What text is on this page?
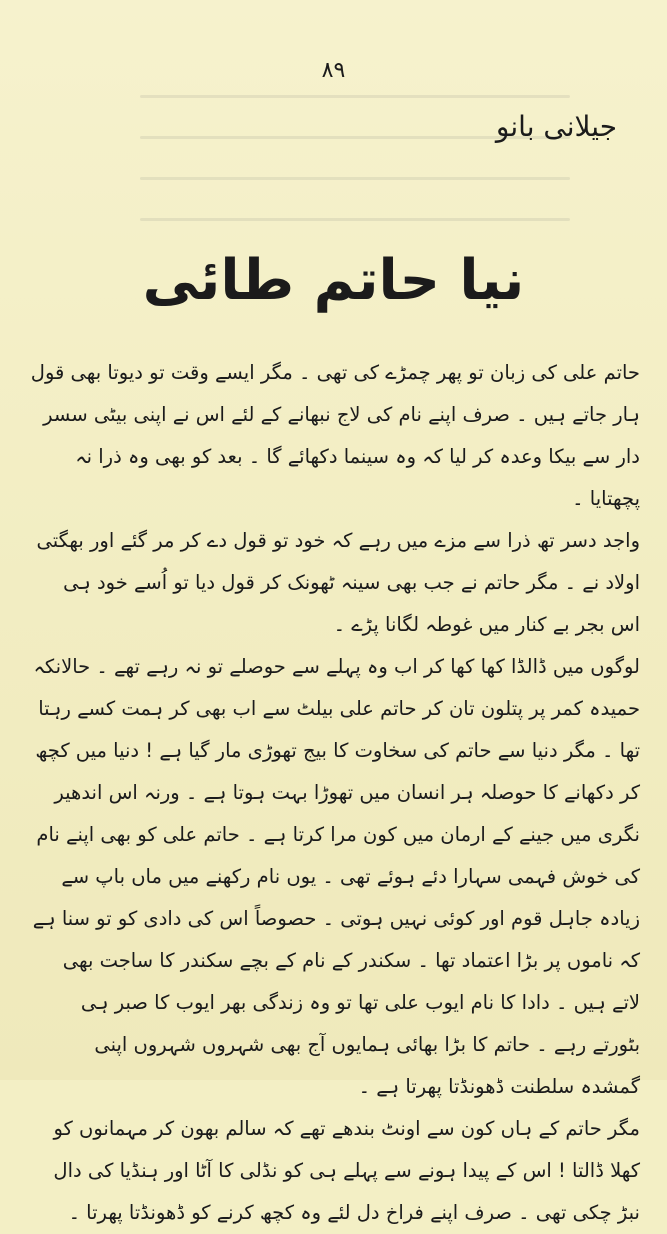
۸۹
جیلانی بانو
نیا حاتم طائی

حاتم علی کی زبان تو پھر چمڑے کی تھی ۔ مگر ایسے وقت تو دیوتا بھی قول ہار جاتے ہیں ۔ صرف اپنے نام کی لاج نبھانے کے لئے اس نے اپنی بیٹی سسر دار سے بیکا وعدہ کر لیا کہ وہ سینما دکھائے گا ۔ بعد کو بھی وہ ذرا نہ پچھتایا ۔

واجد دسر تھ ذرا سے مزے میں رہے کہ خود تو قول دے کر مر گئے اور بھگتی اولاد نے ۔ مگر حاتم نے جب بھی سینہ ٹھونک کر قول دیا تو اُسے خود ہی اس بجر بے کنار میں غوطہ لگانا پڑے ۔

لوگوں میں ڈالڈا کھا کھا کر اب وہ پہلے سے حوصلے تو نہ رہے تھے ۔ حالانکہ حمیدہ کمر پر پتلون تان کر حاتم علی بیلٹ سے اب بھی کر ہمت کسے رہتا تھا ۔ مگر دنیا سے حاتم کی سخاوت کا بیج تھوڑی مار گیا ہے ! دنیا میں کچھ کر دکھانے کا حوصلہ ہر انسان میں تھوڑا بہت ہوتا ہے ۔ ورنہ اس اندھیر نگری میں جینے کے ارمان میں کون مرا کرتا ہے ۔ حاتم علی کو بھی اپنے نام کی خوش فہمی سہارا دئے ہوئے تھی ۔ یوں نام رکھنے میں ماں باپ سے زیادہ جاہل قوم اور کوئی نہیں ہوتی ۔ حصوصاً اس کی دادی کو تو سنا ہے کہ ناموں پر بڑا اعتماد تھا ۔ سکندر کے نام کے بچے سکندر کا ساجت بھی لاتے ہیں ۔ دادا کا نام ایوب علی تھا تو وہ زندگی بھر ایوب کا صبر ہی بٹورتے رہے ۔ حاتم کا بڑا بھائی ہمایوں آج بھی شہروں شہروں اپنی گمشدہ سلطنت ڈھونڈتا پھرتا ہے ۔

مگر حاتم کے ہاں کون سے اونٹ بندھے تھے کہ سالم بھون کر مہمانوں کو کھلا ڈالتا ! اس کے پیدا ہونے سے پہلے ہی کو نڈلی کا آٹا اور ہنڈیا کی دال نبڑ چکی تھی ۔ صرف اپنے فراخ دل لئے وہ کچھ کرنے کو ڈھونڈتا پھرتا ۔
